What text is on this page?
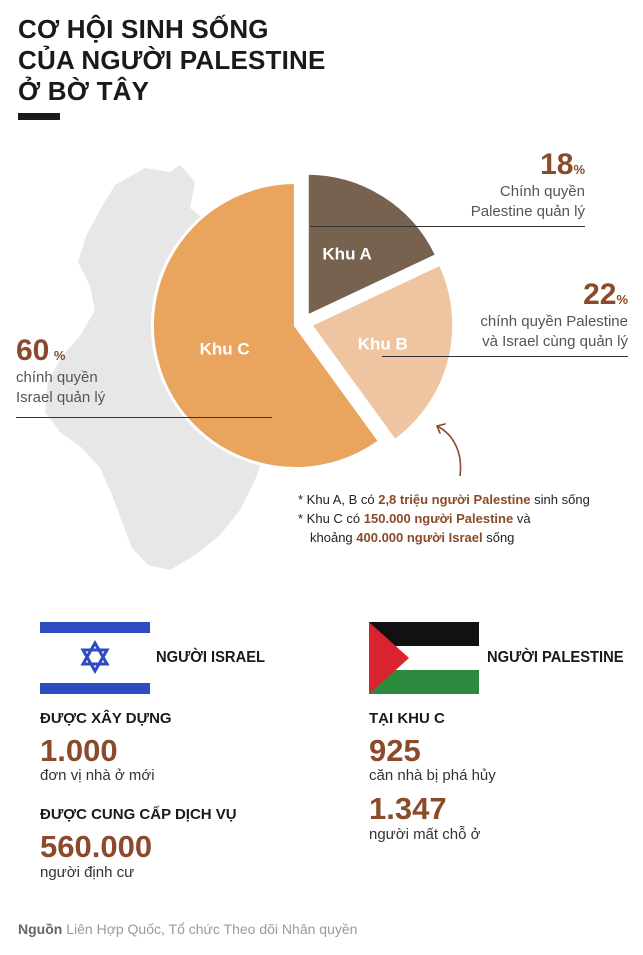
CƠ HỘI SINH SỐNG
CỦA NGƯỜI PALESTINE
Ở BỜ TÂY
Khu A
Khu B
Khu C
18%
Chính quyền
Palestine quản lý
22%
chính quyền Palestine
và Israel cùng quản lý
60 %
chính quyền
Israel quản lý
* Khu A, B có 2,8 triệu người Palestine sinh sống
* Khu C có 150.000 người Palestine và
khoảng 400.000 người Israel sống
NGƯỜI ISRAEL	NGƯỜI PALESTINE
ĐƯỢC XÂY DỰNG
1.000
đơn vị nhà ở mới
ĐƯỢC CUNG CẤP DỊCH VỤ
560.000
người định cư
TẠI KHU C
925
căn nhà bị phá hủy
1.347
người mất chỗ ở
Nguồn Liên Hợp Quốc, Tổ chức Theo dõi Nhân quyền
